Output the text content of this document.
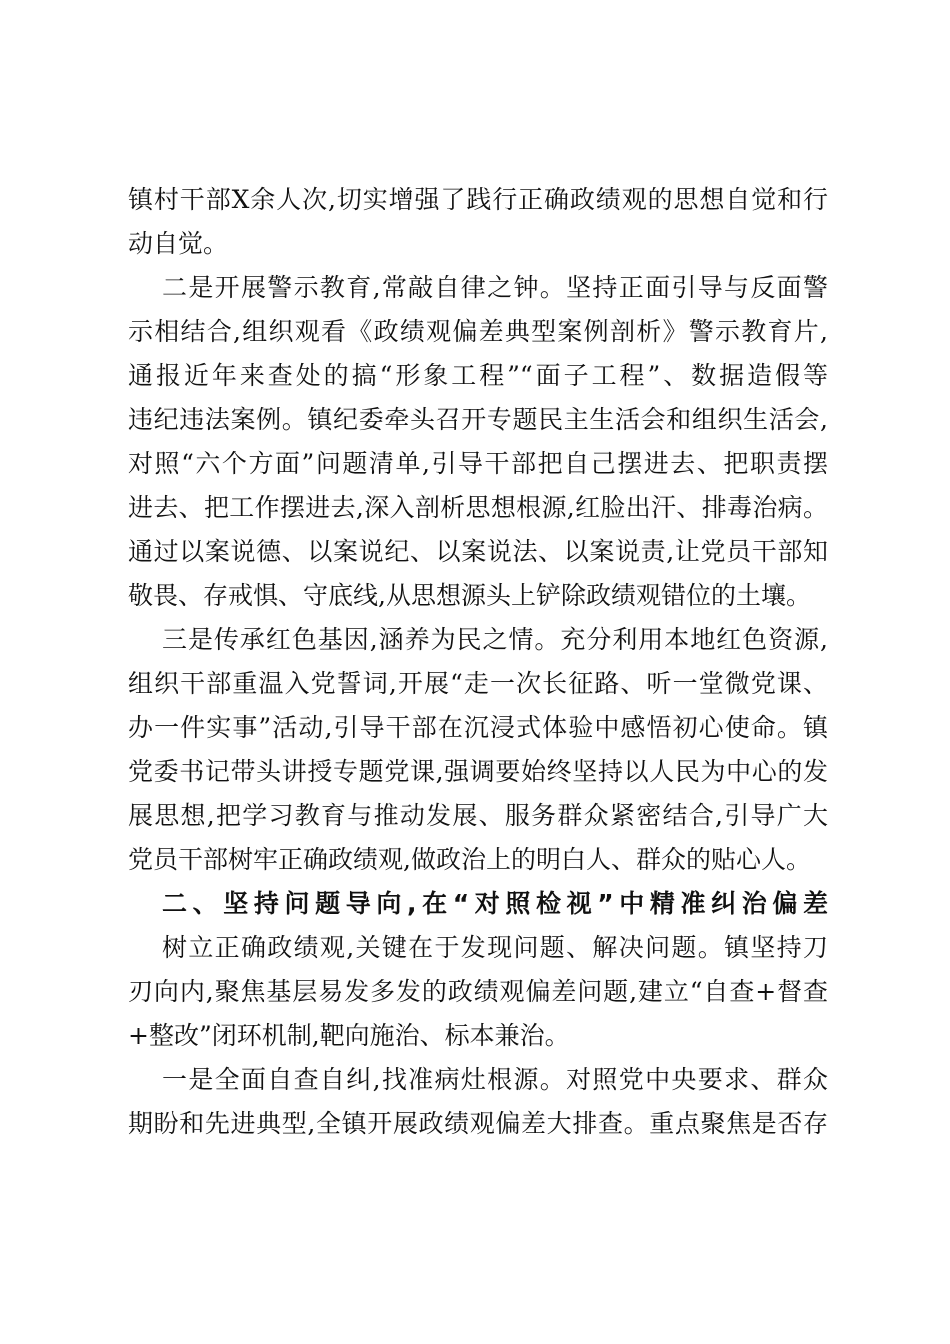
镇村干部X余人次,切实增强了践行正确政绩观的思想自觉和行
动自觉。
二是开展警示教育,常敲自律之钟。坚持正面引导与反面警
示相结合,组织观看《政绩观偏差典型案例剖析》警示教育片,
通报近年来查处的搞“形象工程”“面子工程”、数据造假等
违纪违法案例。镇纪委牵头召开专题民主生活会和组织生活会,
对照“六个方面”问题清单,引导干部把自己摆进去、把职责摆
进去、把工作摆进去,深入剖析思想根源,红脸出汗、排毒治病。
通过以案说德、以案说纪、以案说法、以案说责,让党员干部知
敬畏、存戒惧、守底线,从思想源头上铲除政绩观错位的土壤。
三是传承红色基因,涵养为民之情。充分利用本地红色资源,
组织干部重温入党誓词,开展“走一次长征路、听一堂微党课、
办一件实事”活动,引导干部在沉浸式体验中感悟初心使命。镇
党委书记带头讲授专题党课,强调要始终坚持以人民为中心的发
展思想,把学习教育与推动发展、服务群众紧密结合,引导广大
党员干部树牢正确政绩观,做政治上的明白人、群众的贴心人。
二、坚持问题导向,在“对照检视”中精准纠治偏差
树立正确政绩观,关键在于发现问题、解决问题。镇坚持刀
刃向内,聚焦基层易发多发的政绩观偏差问题,建立“自查+督查
+整改”闭环机制,靶向施治、标本兼治。
一是全面自查自纠,找准病灶根源。对照党中央要求、群众
期盼和先进典型,全镇开展政绩观偏差大排查。重点聚焦是否存
